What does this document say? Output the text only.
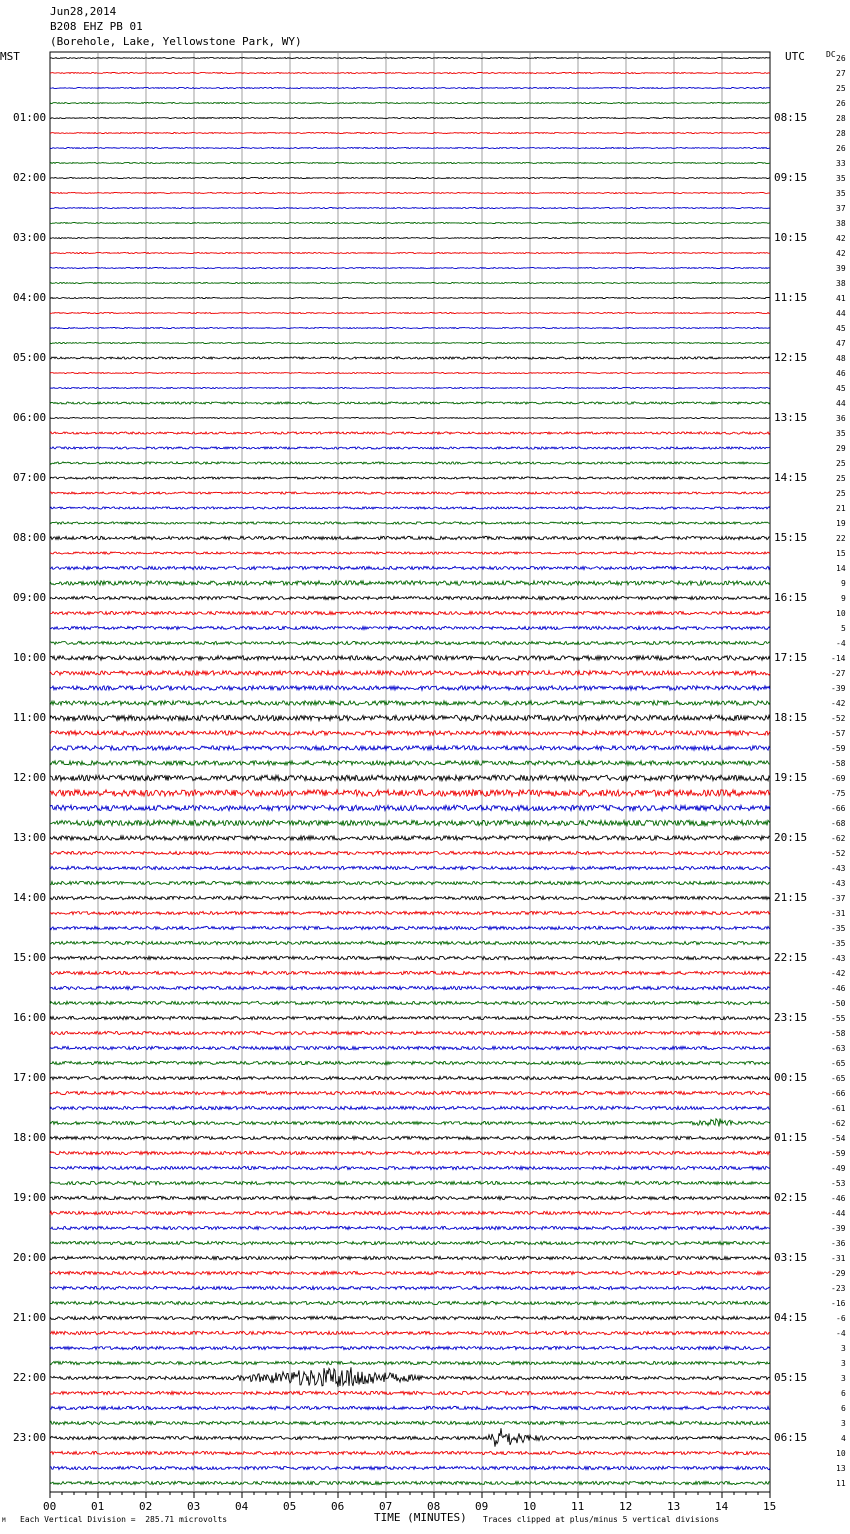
Jun28,2014
B208 EHZ PB 01
(Borehole, Lake, Yellowstone Park, WY)
MST	UTC	DC
01:00
02:00
03:00
04:00
05:00
06:00
07:00
08:00
09:00
10:00
11:00
12:00
13:00
14:00
15:00
16:00
17:00
18:00
19:00
20:00
21:00
22:00
23:00
08:15
09:15
10:15
11:15
12:15
13:15
14:15
15:15
16:15
17:15
18:15
19:15
20:15
21:15
22:15
23:15
00:15
01:15
02:15
03:15
04:15
05:15
06:15
26
27
25
26
28
28
26
33
35
35
37
38
42
42
39
38
41
44
45
47
48
46
45
44
36
35
29
25
25
25
21
19
22
15
14
9
9
10
5
-4
-14
-27
-39
-42
-52
-57
-59
-58
-69
-75
-66
-68
-62
-52
-43
-43
-37
-31
-35
-35
-43
-42
-46
-50
-55
-58
-63
-65
-65
-66
-61
-62
-54
-59
-49
-53
-46
-44
-39
-36
-31
-29
-23
-16
-6
-4
3
3
3
6
6
3
4
10
13
11
00	01	02	03	04	05	06	07	08	09	10	11	12	13	14	15
Each Vertical Division =  285.71 microvolts	TIME (MINUTES) Traces clipped at plus/minus 5 vertical divisions
M
